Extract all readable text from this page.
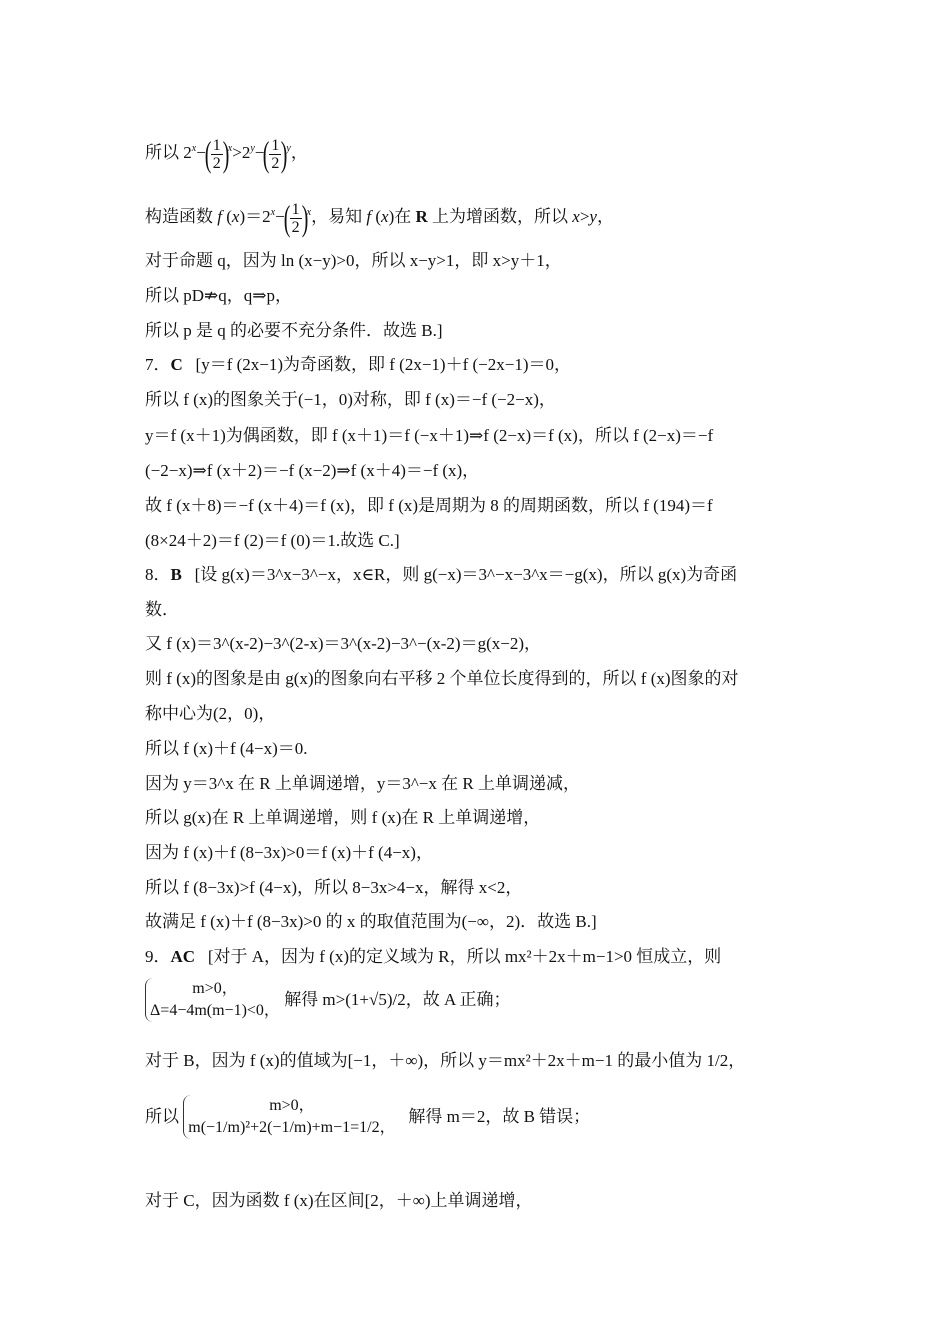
所以 $2^x-( \frac{1}{2} )^x>2^y-( \frac{1}{2} )^y$，
构造函数 f $(x)=2^x-( \frac{1}{2} )^x$，易知 f (x)在 R 上为增函数，所以 x>y，
对于命题 q，因为 ln (x−y)>0，所以 x−y>1，即 x>y＋1，
所以 pD⇏q，q⇒p，
所以 p 是 q 的必要不充分条件．故选 B.]
7．C [y＝f (2x−1)为奇函数，即 f (2x−1)＋f (−2x−1)＝0，
所以 f (x)的图象关于(−1，0)对称，即 f (x)＝−f (−2−x)，
y＝f (x＋1)为偶函数，即 f (x＋1)＝f (−x＋1)⇒f (2−x)＝f (x)，所以 f (2−x)＝−f
(−2−x)⇒f (x＋2)＝−f (x−2)⇒f (x＋4)＝−f (x)，
故 f (x＋8)＝−f (x＋4)＝f (x)，即 f (x)是周期为 8 的周期函数，所以 f (194)＝f
(8×24＋2)＝f (2)＝f (0)＝1.故选 C.]
8．B [设 g(x)＝3^x−3^−x，x∈R，则 g(−x)＝3^−x−3^x＝−g(x)，所以 g(x)为奇函
数．
又 f (x)＝3^(x-2)−3^(2-x)＝3^(x-2)−3^−(x-2)＝g(x−2)，
则 f (x)的图象是由 g(x)的图象向右平移 2 个单位长度得到的，所以 f (x)图象的对
称中心为(2，0)，
所以 f (x)＋f (4−x)＝0.
因为 y＝3^x 在 R 上单调递增，y＝3^−x 在 R 上单调递减，
所以 g(x)在 R 上单调递增，则 f (x)在 R 上单调递增，
因为 f (x)＋f (8−3x)>0＝f (x)＋f (4−x)，
所以 f (8−3x)>f (4−x)，所以 8−3x>4−x，解得 x<2，
故满足 f (x)＋f (8−3x)>0 的 x 的取值范围为(−∞，2)．故选 B.]
9．AC [对于 A，因为 f (x)的定义域为 R，所以 mx²＋2x＋m−1>0 恒成立，则
m>0，
Δ=4−4m(m−1)<0，
解得 m>(1+√5)/2，故 A 正确；
对于 B，因为 f (x)的值域为[−1，＋∞)，所以 y＝mx²＋2x＋m−1 的最小值为 1/2，
所以
m>0，
m(−1/m)²+2(−1/m)+m−1=1/2，
解得 m＝2，故 B 错误；
对于 C，因为函数 f (x)在区间[2，＋∞)上单调递增，
